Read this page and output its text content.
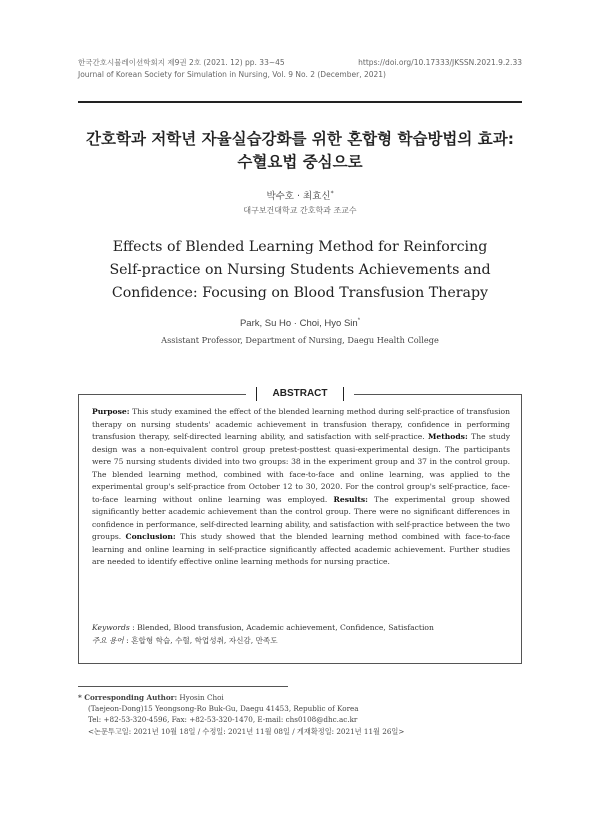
한국간호시뮬레이션학회지 제9권 2호 (2021. 12) pp. 33~45	https://doi.org/10.17333/JKSSN.2021.9.2.33
Journal of Korean Society for Simulation in Nursing, Vol. 9 No. 2 (December, 2021)
간호학과 저학년 자율실습강화를 위한 혼합형 학습방법의 효과:
수혈요법 중심으로
박수호 · 최효신*
대구보건대학교 간호학과 조교수
Effects of Blended Learning Method for Reinforcing
Self-practice on Nursing Students Achievements and
Confidence: Focusing on Blood Transfusion Therapy
Park, Su Ho · Choi, Hyo Sin*
Assistant Professor, Department of Nursing, Daegu Health College
ABSTRACT
Purpose: This study examined the effect of the blended learning method during self-practice of transfusion therapy on nursing students' academic achievement in transfusion therapy, confidence in performing transfusion therapy, self-directed learning ability, and satisfaction with self-practice. Methods: The study design was a non-equivalent control group pretest-posttest quasi-experimental design. The participants were 75 nursing students divided into two groups: 38 in the experiment group and 37 in the control group. The blended learning method, combined with face-to-face and online learning, was applied to the experimental group's self-practice from October 12 to 30, 2020. For the control group's self-practice, face-to-face learning without online learning was employed. Results: The experimental group showed significantly better academic achievement than the control group. There were no significant differences in confidence in performance, self-directed learning ability, and satisfaction with self-practice between the two groups. Conclusion: This study showed that the blended learning method combined with face-to-face learning and online learning in self-practice significantly affected academic achievement. Further studies are needed to identify effective online learning methods for nursing practice.
Keywords : Blended, Blood transfusion, Academic achievement, Confidence, Satisfaction
주요 용어 : 혼합형 학습, 수혈, 학업성취, 자신감, 만족도
* Corresponding Author: Hyosin Choi
(Taejeon-Dong)15 Yeongsong-Ro Buk-Gu, Daegu 41453, Republic of Korea
Tel: +82-53-320-4596, Fax: +82-53-320-1470, E-mail: chs0108@dhc.ac.kr
<논문투고일: 2021년 10월 18일 / 수정일: 2021년 11월 08일 / 게재확정일: 2021년 11월 26일>
